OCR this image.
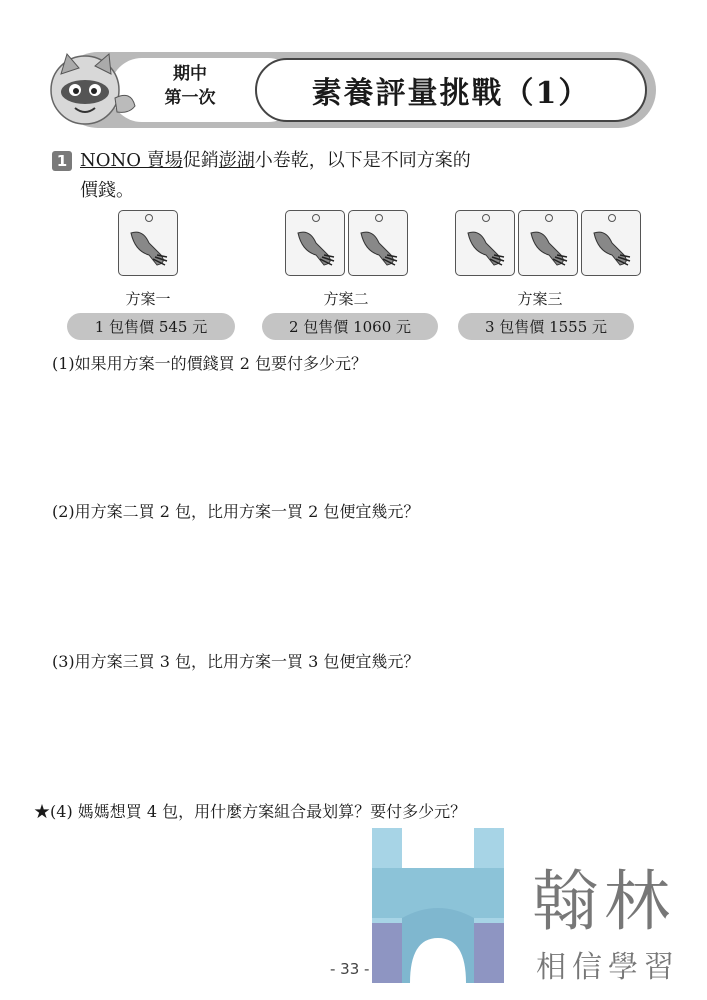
期中
第一次	素養評量挑戰（1）
1 NONO 賣場促銷澎湖小卷乾，以下是不同方案的
價錢。
方案一
1 包售價 545 元
方案二
2 包售價 1060 元
方案三
3 包售價 1555 元
(1)如果用方案一的價錢買 2 包要付多少元？
(2)用方案二買 2 包，比用方案一買 2 包便宜幾元？
(3)用方案三買 3 包，比用方案一買 3 包便宜幾元？
翰林
相信學習
★(4) 媽媽想買 4 包，用什麼方案組合最划算？要付多少元？
- 33 -
